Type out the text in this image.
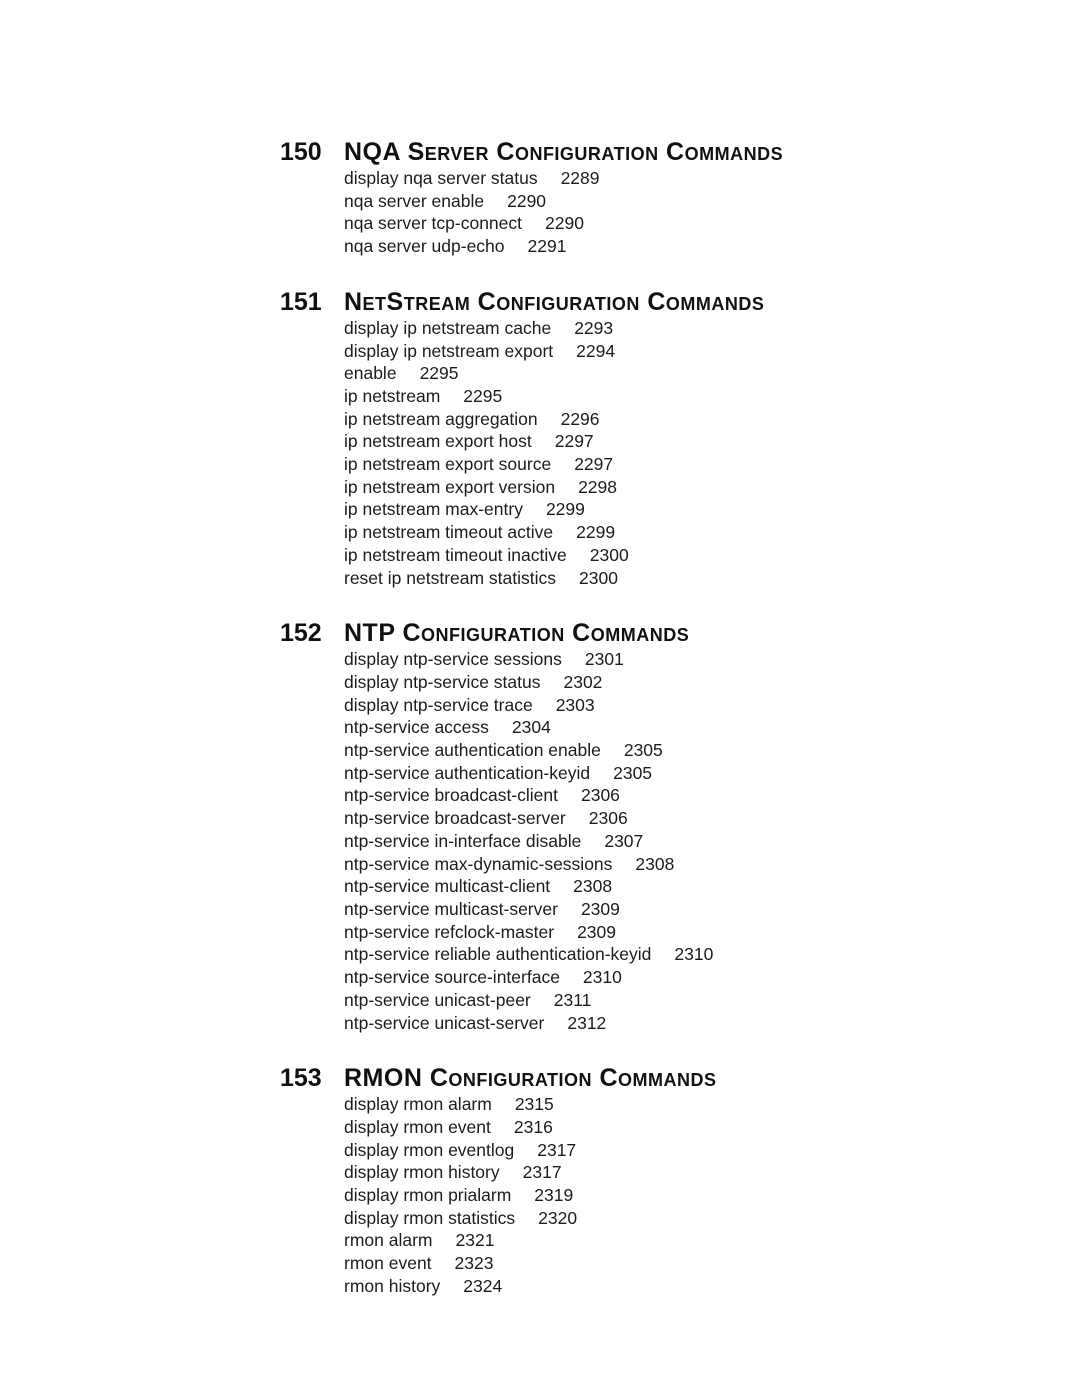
150 NQA Server Configuration Commands
display nqa server status 2289
nqa server enable 2290
nqa server tcp-connect 2290
nqa server udp-echo 2291
151 NetStream Configuration Commands
display ip netstream cache 2293
display ip netstream export 2294
enable 2295
ip netstream 2295
ip netstream aggregation 2296
ip netstream export host 2297
ip netstream export source 2297
ip netstream export version 2298
ip netstream max-entry 2299
ip netstream timeout active 2299
ip netstream timeout inactive 2300
reset ip netstream statistics 2300
152 NTP Configuration Commands
display ntp-service sessions 2301
display ntp-service status 2302
display ntp-service trace 2303
ntp-service access 2304
ntp-service authentication enable 2305
ntp-service authentication-keyid 2305
ntp-service broadcast-client 2306
ntp-service broadcast-server 2306
ntp-service in-interface disable 2307
ntp-service max-dynamic-sessions 2308
ntp-service multicast-client 2308
ntp-service multicast-server 2309
ntp-service refclock-master 2309
ntp-service reliable authentication-keyid 2310
ntp-service source-interface 2310
ntp-service unicast-peer 2311
ntp-service unicast-server 2312
153 RMON Configuration Commands
display rmon alarm 2315
display rmon event 2316
display rmon eventlog 2317
display rmon history 2317
display rmon prialarm 2319
display rmon statistics 2320
rmon alarm 2321
rmon event 2323
rmon history 2324
